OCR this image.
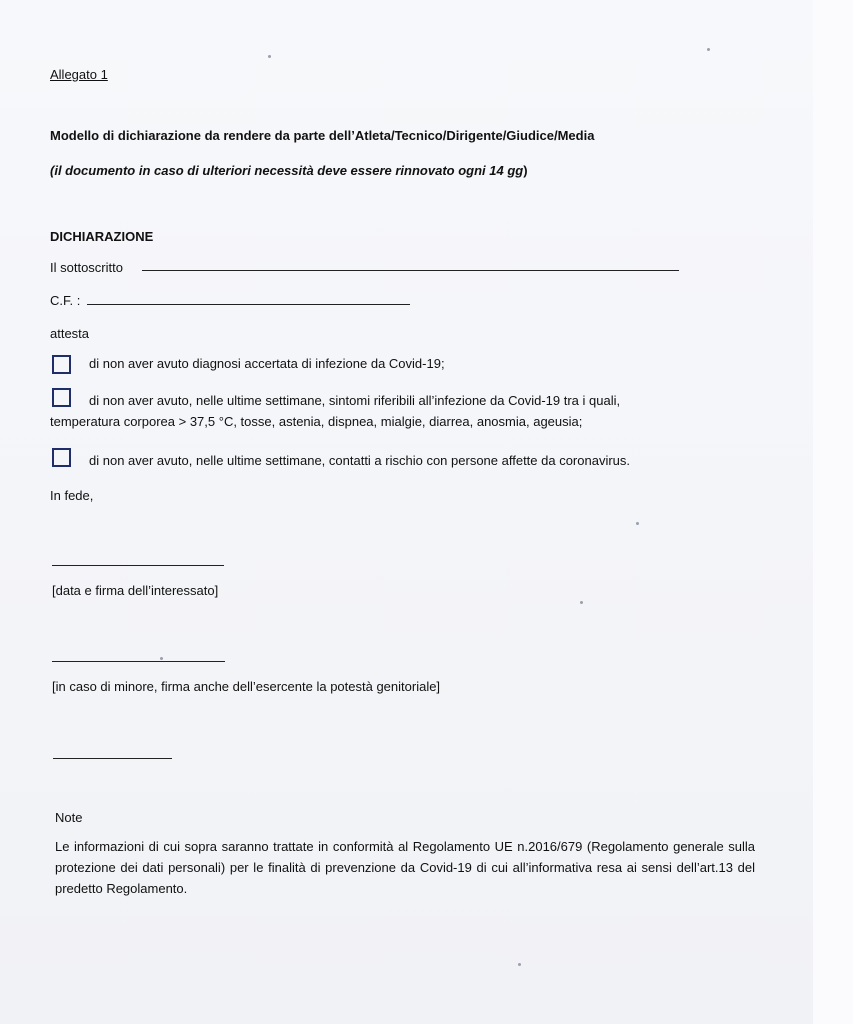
Allegato 1
Modello di dichiarazione da rendere da parte dell’Atleta/Tecnico/Dirigente/Giudice/Media
(il documento in caso di ulteriori necessità deve essere rinnovato ogni 14 gg)
DICHIARAZIONE
Il sottoscritto
C.F. :
attesta
di non aver avuto diagnosi accertata di infezione da Covid-19;
di non aver avuto, nelle ultime settimane, sintomi riferibili all’infezione da Covid-19 tra i quali,
temperatura corporea > 37,5 °C, tosse, astenia, dispnea, mialgie, diarrea, anosmia, ageusia;
di non aver avuto, nelle ultime settimane, contatti a rischio con persone affette da coronavirus.
In fede,
[data e firma dell’interessato]
[in caso di minore, firma anche dell’esercente la potestà genitoriale]
Note
Le informazioni di cui sopra saranno trattate in conformità al Regolamento UE n.2016/679 (Regolamento generale sulla protezione dei dati personali) per le finalità di prevenzione da Covid-19 di cui all’informativa resa ai sensi dell’art.13 del predetto Regolamento.
